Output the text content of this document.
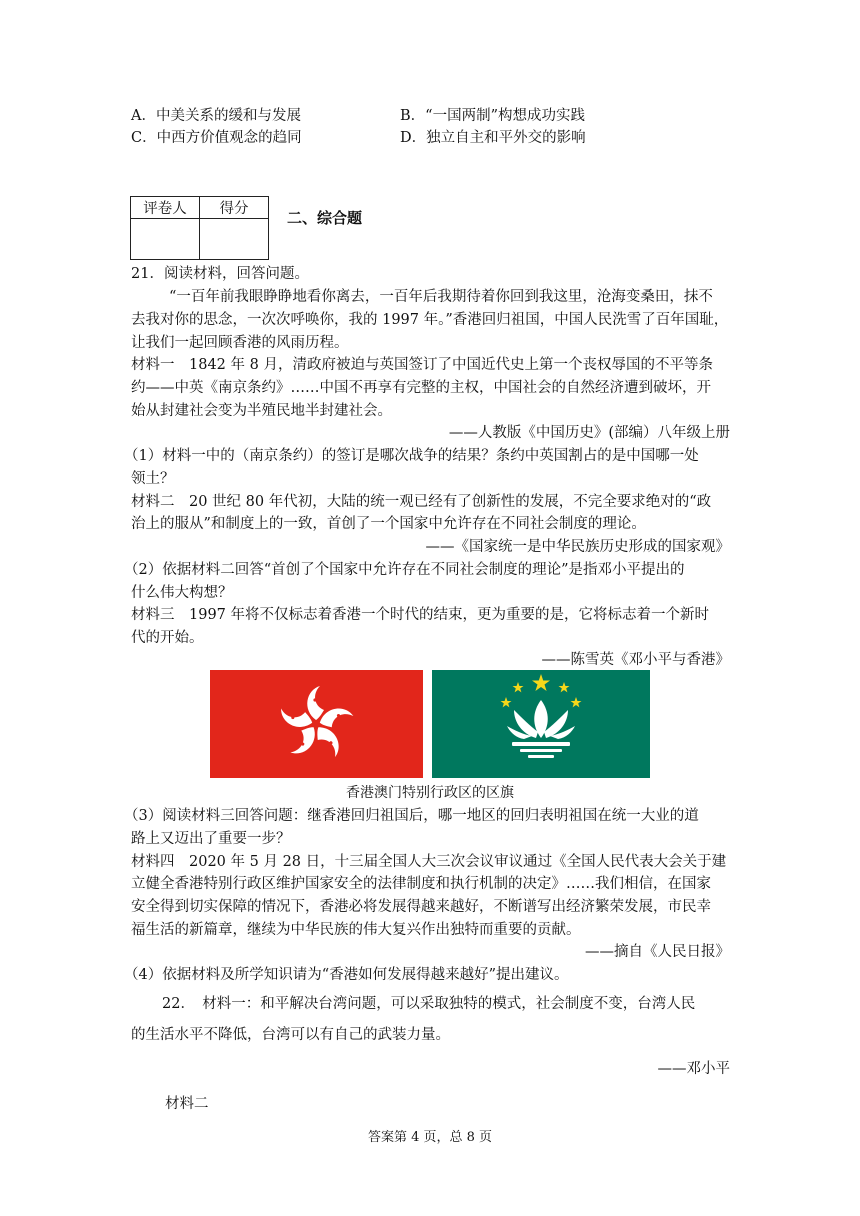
A．中美关系的缓和与发展	B．“一国两制”构想成功实践
C．中西方价值观念的趋同	D．独立自主和平外交的影响
评卷人	得分
		二、综合题
21．阅读材料，回答问题。
“一百年前我眼睁睁地看你离去，一百年后我期待着你回到我这里，沧海变桑田，抹不
去我对你的思念，一次次呼唤你，我的 1997 年。”香港回归祖国，中国人民洗雪了百年国耻，
让我们一起回顾香港的风雨历程。
材料一　1842 年 8 月，清政府被迫与英国签订了中国近代史上第一个丧权辱国的不平等条
约——中英《南京条约》……中国不再享有完整的主权，中国社会的自然经济遭到破坏，开
始从封建社会变为半殖民地半封建社会。
——人教版《中国历史》(部编）八年级上册
（1）材料一中的（南京条约）的签订是哪次战争的结果？条约中英国割占的是中国哪一处
领土？
材料二　20 世纪 80 年代初，大陆的统一观已经有了创新性的发展，不完全要求绝对的“政
治上的服从”和制度上的一致，首创了一个国家中允许存在不同社会制度的理论。
——《国家统一是中华民族历史形成的国家观》
（2）依据材料二回答“首创了个国家中允许存在不同社会制度的理论”是指邓小平提出的
什么伟大构想？
材料三　1997 年将不仅标志着香港一个时代的结束，更为重要的是，它将标志着一个新时
代的开始。
——陈雪英《邓小平与香港》
香港澳门特别行政区的区旗
（3）阅读材料三回答问题：继香港回归祖国后，哪一地区的回归表明祖国在统一大业的道
路上又迈出了重要一步？
材料四　2020 年 5 月 28 日，十三届全国人大三次会议审议通过《全国人民代表大会关于建
立健全香港特别行政区维护国家安全的法律制度和执行机制的决定》……我们相信，在国家
安全得到切实保障的情况下，香港必将发展得越来越好，不断谱写出经济繁荣发展，市民幸
福生活的新篇章，继续为中华民族的伟大复兴作出独特而重要的贡献。
——摘自《人民日报》
（4）依据材料及所学知识请为“香港如何发展得越来越好”提出建议。
22．　材料一：和平解决台湾问题，可以采取独特的模式，社会制度不变，台湾人民
的生活水平不降低，台湾可以有自己的武装力量。
——邓小平
材料二
答案第 4 页，总 8 页
